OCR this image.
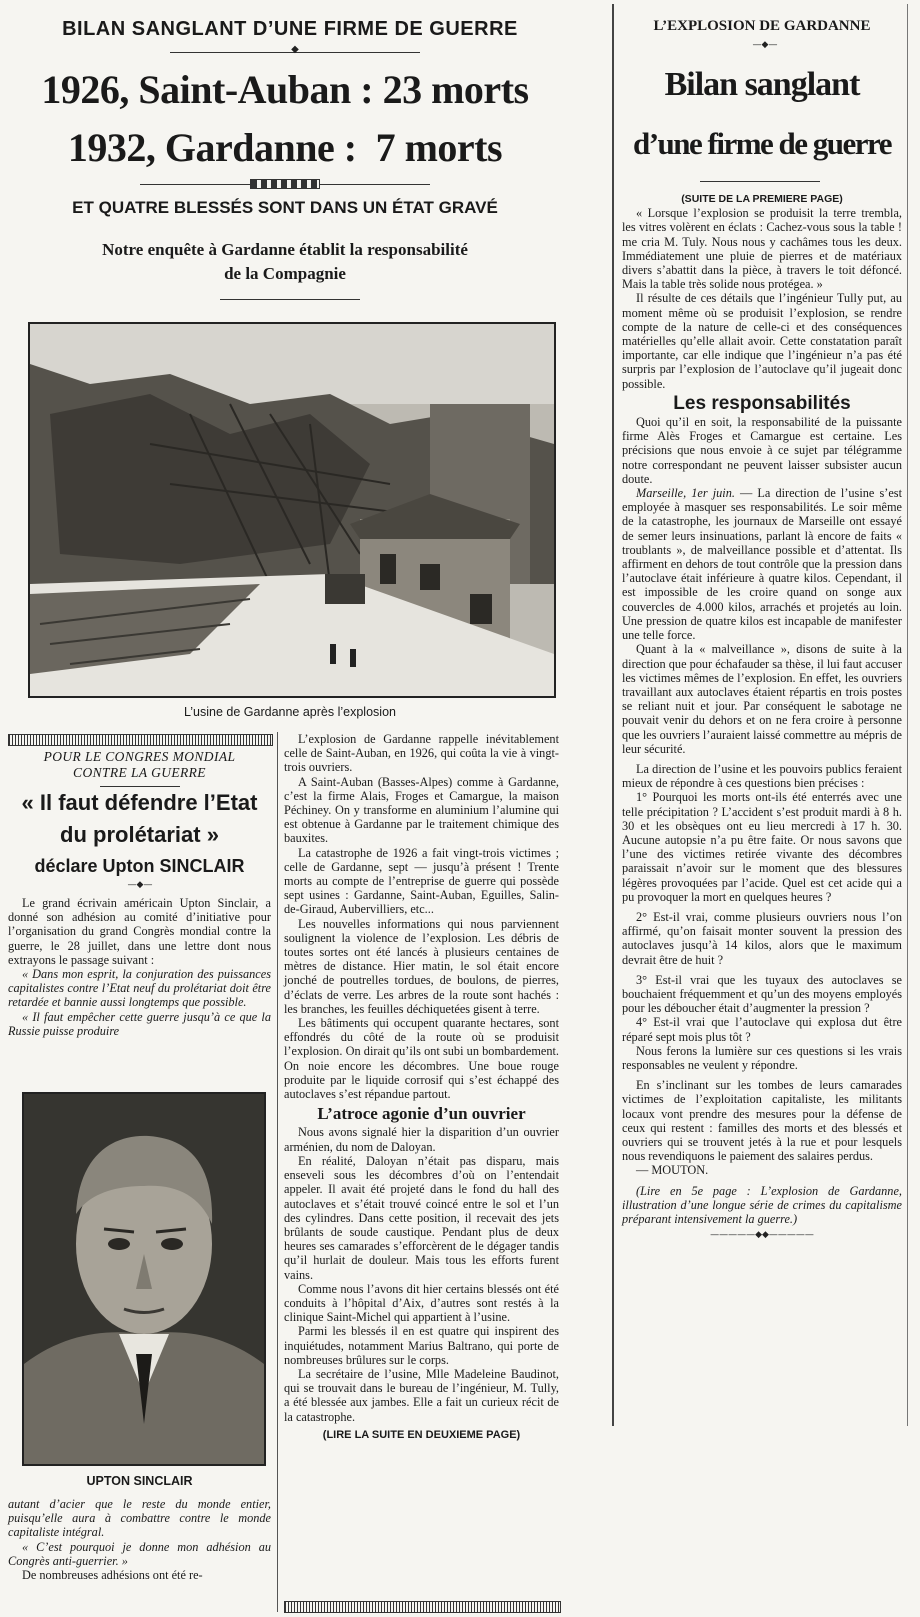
BILAN SANGLANT D’UNE FIRME DE GUERRE
◆
1926, Saint-Auban : 23 morts
1932, Gardanne :  7 morts
ET QUATRE BLESSÉS SONT DANS UN ÉTAT GRAVÉ
Notre enquête à Gardanne établit la responsabilité
de la Compagnie
L’usine de Gardanne après l’explosion
POUR LE CONGRES MONDIAL
CONTRE LA GUERRE
« Il faut défendre l’Etat
du prolétariat »
déclare Upton SINCLAIR
—◆—

Le grand écrivain américain Upton Sinclair, a donné son adhésion au comité d’initiative pour l’organisation du grand Congrès mondial contre la guerre, le 28 juillet, dans une lettre dont nous extrayons le passage suivant :

« Dans mon esprit, la conjuration des puissances capitalistes contre l’Etat neuf du prolétariat doit être retardée et bannie aussi longtemps que possible.

« Il faut empêcher cette guerre jusqu’à ce que la Russie puisse produire

UPTON SINCLAIR

autant d’acier que le reste du monde entier, puisqu’elle aura à combattre contre le monde capitaliste intégral.

« C’est pourquoi je donne mon adhésion au Congrès anti-guerrier. »

De nombreuses adhésions ont été re-

L’explosion de Gardanne rappelle inévitablement celle de Saint-Auban, en 1926, qui coûta la vie à vingt-trois ouvriers.

A Saint-Auban (Basses-Alpes) comme à Gardanne, c’est la firme Alais, Froges et Camargue, la maison Péchiney. On y transforme en aluminium l’alumine qui est obtenue à Gardanne par le traitement chimique des bauxites.

La catastrophe de 1926 a fait vingt-trois victimes ; celle de Gardanne, sept — jusqu’à présent ! Trente morts au compte de l’entreprise de guerre qui possède sept usines : Gardanne, Saint-Auban, Eguilles, Salin-de-Giraud, Aubervilliers, etc...

Les nouvelles informations qui nous parviennent soulignent la violence de l’explosion. Les débris de toutes sortes ont été lancés à plusieurs centaines de mètres de distance. Hier matin, le sol était encore jonché de poutrelles tordues, de boulons, de pierres, d’éclats de verre. Les arbres de la route sont hachés : les branches, les feuilles déchiquetées gisent à terre.

Les bâtiments qui occupent quarante hectares, sont effondrés du côté de la route où se produisit l’explosion. On dirait qu’ils ont subi un bombardement. On noie encore les décombres. Une boue rouge produite par le liquide corrosif qui s’est échappé des autoclaves s’est répandue partout.

L’atroce agonie d’un ouvrier

Nous avons signalé hier la disparition d’un ouvrier arménien, du nom de Daloyan.

En réalité, Daloyan n’était pas disparu, mais enseveli sous les décombres d’où on l’entendait appeler. Il avait été projeté dans le fond du hall des autoclaves et s’était trouvé coincé entre le sol et l’un des cylindres. Dans cette position, il recevait des jets brûlants de soude caustique. Pendant plus de deux heures ses camarades s’efforcèrent de le dégager tandis qu’il hurlait de douleur. Mais tous les efforts furent vains.

Comme nous l’avons dit hier certains blessés ont été conduits à l’hôpital d’Aix, d’autres sont restés à la clinique Saint-Michel qui appartient à l’usine.

Parmi les blessés il en est quatre qui inspirent des inquiétudes, notamment Marius Baltrano, qui porte de nombreuses brûlures sur le corps.

La secrétaire de l’usine, Mlle Madeleine Baudinot, qui se trouvait dans le bureau de l’ingénieur, M. Tully, a été blessée aux jambes. Elle a fait un curieux récit de la catastrophe.

(LIRE LA SUITE EN DEUXIEME PAGE)
L’EXPLOSION DE GARDANNE
—◆—
Bilan sanglant
d’une firme de guerre
(SUITE DE LA PREMIERE PAGE)

« Lorsque l’explosion se produisit la terre trembla, les vitres volèrent en éclats : Cachez-vous sous la table ! me cria M. Tuly. Nous nous y cachâmes tous les deux. Immédiatement une pluie de pierres et de matériaux divers s’abattit dans la pièce, à travers le toit défoncé. Mais la table très solide nous protégea. »

Il résulte de ces détails que l’ingénieur Tully put, au moment même où se produisit l’explosion, se rendre compte de la nature de celle-ci et des conséquences matérielles qu’elle allait avoir. Cette constatation paraît importante, car elle indique que l’ingénieur n’a pas été surpris par l’explosion de l’autoclave qu’il jugeait donc possible.

Les responsabilités

Quoi qu’il en soit, la responsabilité de la puissante firme Alès Froges et Camargue est certaine. Les précisions que nous envoie à ce sujet par télégramme notre correspondant ne peuvent laisser subsister aucun doute.

Marseille, 1er juin. — La direction de l’usine s’est employée à masquer ses responsabilités. Le soir même de la catastrophe, les journaux de Marseille ont essayé de semer leurs insinuations, parlant là encore de faits « troublants », de malveillance possible et d’attentat. Ils affirment en dehors de tout contrôle que la pression dans l’autoclave était inférieure à quatre kilos. Cependant, il est impossible de les croire quand on songe aux couvercles de 4.000 kilos, arrachés et projetés au loin. Une pression de quatre kilos est incapable de manifester une telle force.

Quant à la « malveillance », disons de suite à la direction que pour échafauder sa thèse, il lui faut accuser les victimes mêmes de l’explosion. En effet, les ouvriers travaillant aux autoclaves étaient répartis en trois postes se reliant nuit et jour. Par conséquent le sabotage ne pouvait venir du dehors et on ne fera croire à personne que les ouvriers l’auraient laissé commettre au mépris de leur sécurité.

La direction de l’usine et les pouvoirs publics feraient mieux de répondre à ces questions bien précises :

1° Pourquoi les morts ont-ils été enterrés avec une telle précipitation ? L’accident s’est produit mardi à 8 h. 30 et les obsèques ont eu lieu mercredi à 17 h. 30. Aucune autopsie n’a pu être faite. Or nous savons que l’une des victimes retirée vivante des décombres paraissait n’avoir sur le moment que des blessures légères provoquées par l’acide. Quel est cet acide qui a pu provoquer la mort en quelques heures ?

2° Est-il vrai, comme plusieurs ouvriers nous l’on affirmé, qu’on faisait monter souvent la pression des autoclaves jusqu’à 14 kilos, alors que le maximum devrait être de huit ?

3° Est-il vrai que les tuyaux des autoclaves se bouchaient fréquemment et qu’un des moyens employés pour les déboucher était d’augmenter la pression ?

4° Est-il vrai que l’autoclave qui explosa dut être réparé sept mois plus tôt ?

Nous ferons la lumière sur ces questions si les vrais responsables ne veulent y répondre.

En s’inclinant sur les tombes de leurs camarades victimes de l’exploitation capitaliste, les militants locaux vont prendre des mesures pour la défense de ceux qui restent : familles des morts et des blessés et ouvriers qui se trouvent jetés à la rue et pour lesquels nous revendiquons le paiement des salaires perdus.

— MOUTON.

(Lire en 5e page : L’explosion de Gardanne, illustration d’une longue série de crimes du capitalisme préparant intensivement la guerre.)

—————◆◆—————
